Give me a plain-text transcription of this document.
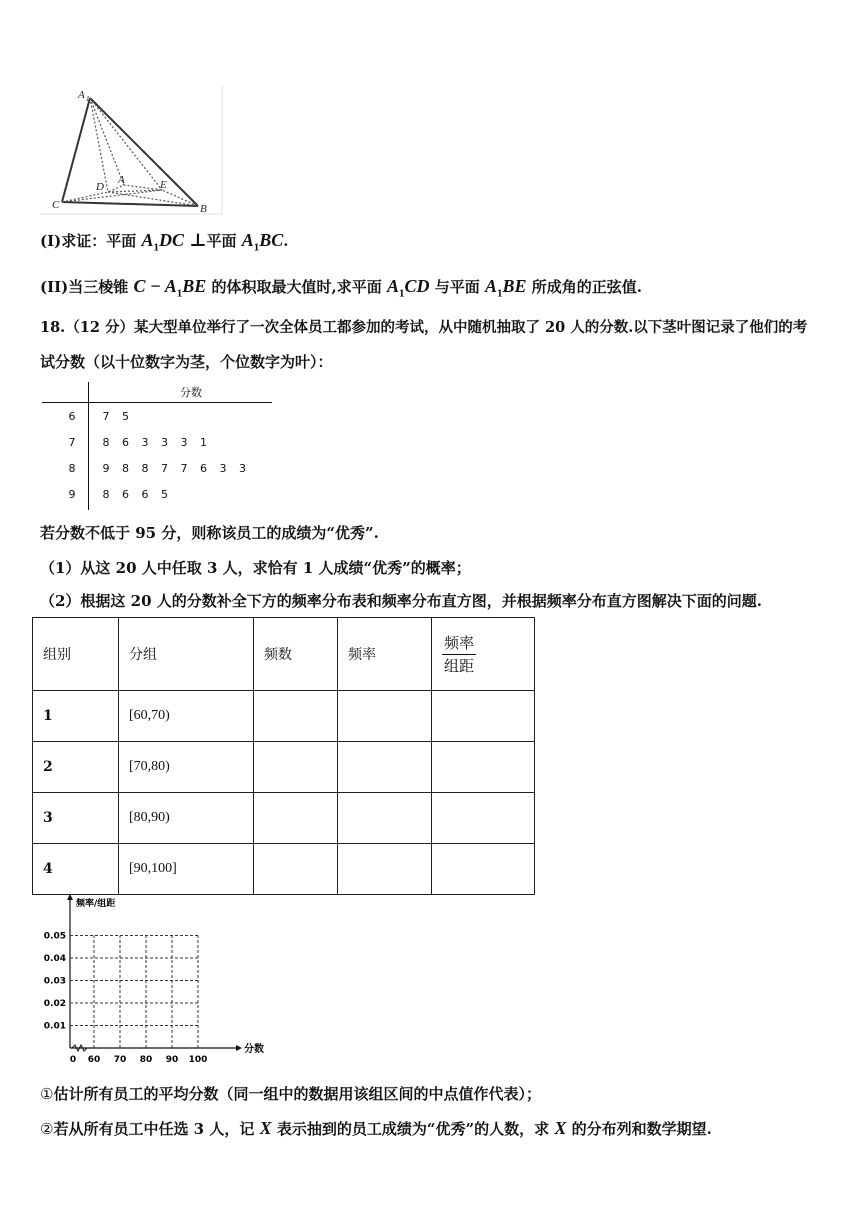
A 1
C	B
D
A	E
(I)求证：平面 $A_1DC$ ⊥平面 $A_1BC$.
(II)当三棱锥 $C - A_1BE$ 的体积取最大值时,求平面 $A_1CD$ 与平面 $A_1BE$ 所成角的正弦值.
18.（12 分）某大型单位举行了一次全体员工都参加的考试，从中随机抽取了 20 人的分数.以下茎叶图记录了他们的考
试分数（以十位数字为茎，个位数字为叶）：
分数
6 7 5
7 8 6 3 3 3 1
8 9 8 8 7 7 6 3 3
9 8 6 6 5
若分数不低于 95 分，则称该员工的成绩为“优秀”.
（1）从这 20 人中任取 3 人，求恰有 1 人成绩“优秀”的概率；
（2）根据这 20 人的分数补全下方的频率分布表和频率分布直方图，并根据频率分布直方图解决下面的问题.
组别	分组	频数	频率	$\frac{\text{频率}}{\text{组距}}$

1	[60,70)			
2	[70,80)			
3	[80,90)			
4	[90,100]			
频率/组距
分数
0.05
0.04
0.03
0.02
0.01
0 60 70 80 90 100
①估计所有员工的平均分数（同一组中的数据用该组区间的中点值作代表）；
②若从所有员工中任选 3 人，记 X 表示抽到的员工成绩为“优秀”的人数，求 X 的分布列和数学期望.
